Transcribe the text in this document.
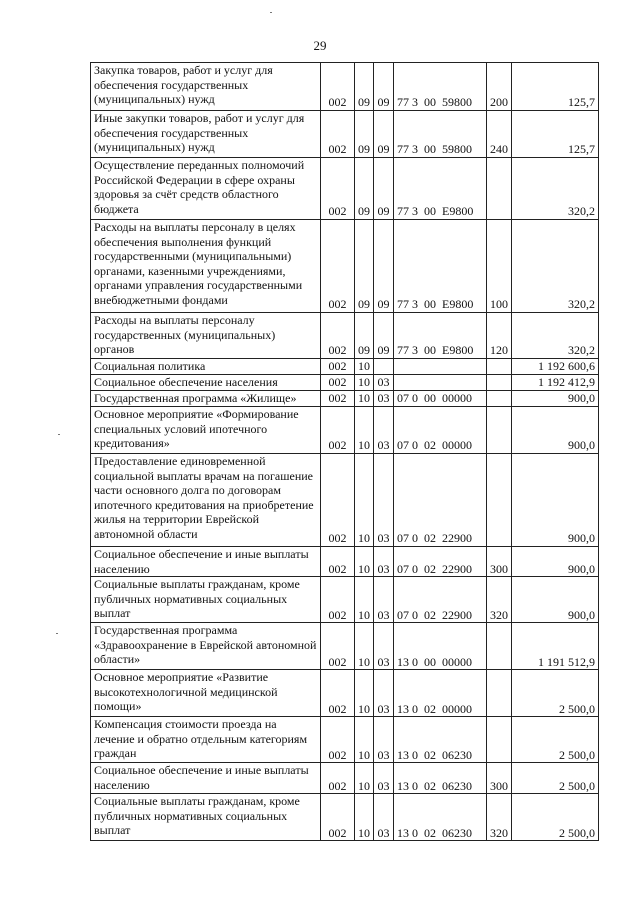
29
Закупка товаров, работ и услуг для обеспечения государственных (муниципальных) нужд	002	09	09	77 3  00  59800	200	125,7
Иные закупки товаров, работ и услуг для обеспечения государственных (муниципальных) нужд	002	09	09	77 3  00  59800	240	125,7
Осуществление переданных полномочий Российской Федерации в сфере охраны здоровья за счёт средств областного бюджета	002	09	09	77 3  00  Е9800		320,2
Расходы на выплаты персоналу в целях обеспечения выполнения функций государственными (муниципальными) органами, казенными учреждениями, органами управления государственными внебюджетными фондами	002	09	09	77 3  00  Е9800	100	320,2
Расходы на выплаты персоналу государственных (муниципальных) органов	002	09	09	77 3  00  Е9800	120	320,2
Социальная политика	002	10				1 192 600,6
Социальное обеспечение населения	002	10	03			1 192 412,9
Государственная программа «Жилище»	002	10	03	07 0  00  00000		900,0
Основное мероприятие «Формирование специальных условий ипотечного кредитования»	002	10	03	07 0  02  00000		900,0
Предоставление единовременной социальной выплаты врачам на погашение части основного долга по договорам ипотечного кредитования на приобретение жилья на территории Еврейской автономной области	002	10	03	07 0  02  22900		900,0
Социальное обеспечение и иные выплаты населению	002	10	03	07 0  02  22900	300	900,0
Социальные выплаты гражданам, кроме публичных нормативных социальных выплат	002	10	03	07 0  02  22900	320	900,0
Государственная программа «Здравоохранение в Еврейской автономной области»	002	10	03	13 0  00  00000		1 191 512,9
Основное мероприятие «Развитие высокотехнологичной медицинской помощи»	002	10	03	13 0  02  00000		2 500,0
Компенсация стоимости проезда на лечение и обратно отдельным категориям граждан	002	10	03	13 0  02  06230		2 500,0
Социальное обеспечение и иные выплаты населению	002	10	03	13 0  02  06230	300	2 500,0
Социальные выплаты гражданам, кроме публичных нормативных социальных выплат	002	10	03	13 0  02  06230	320	2 500,0
